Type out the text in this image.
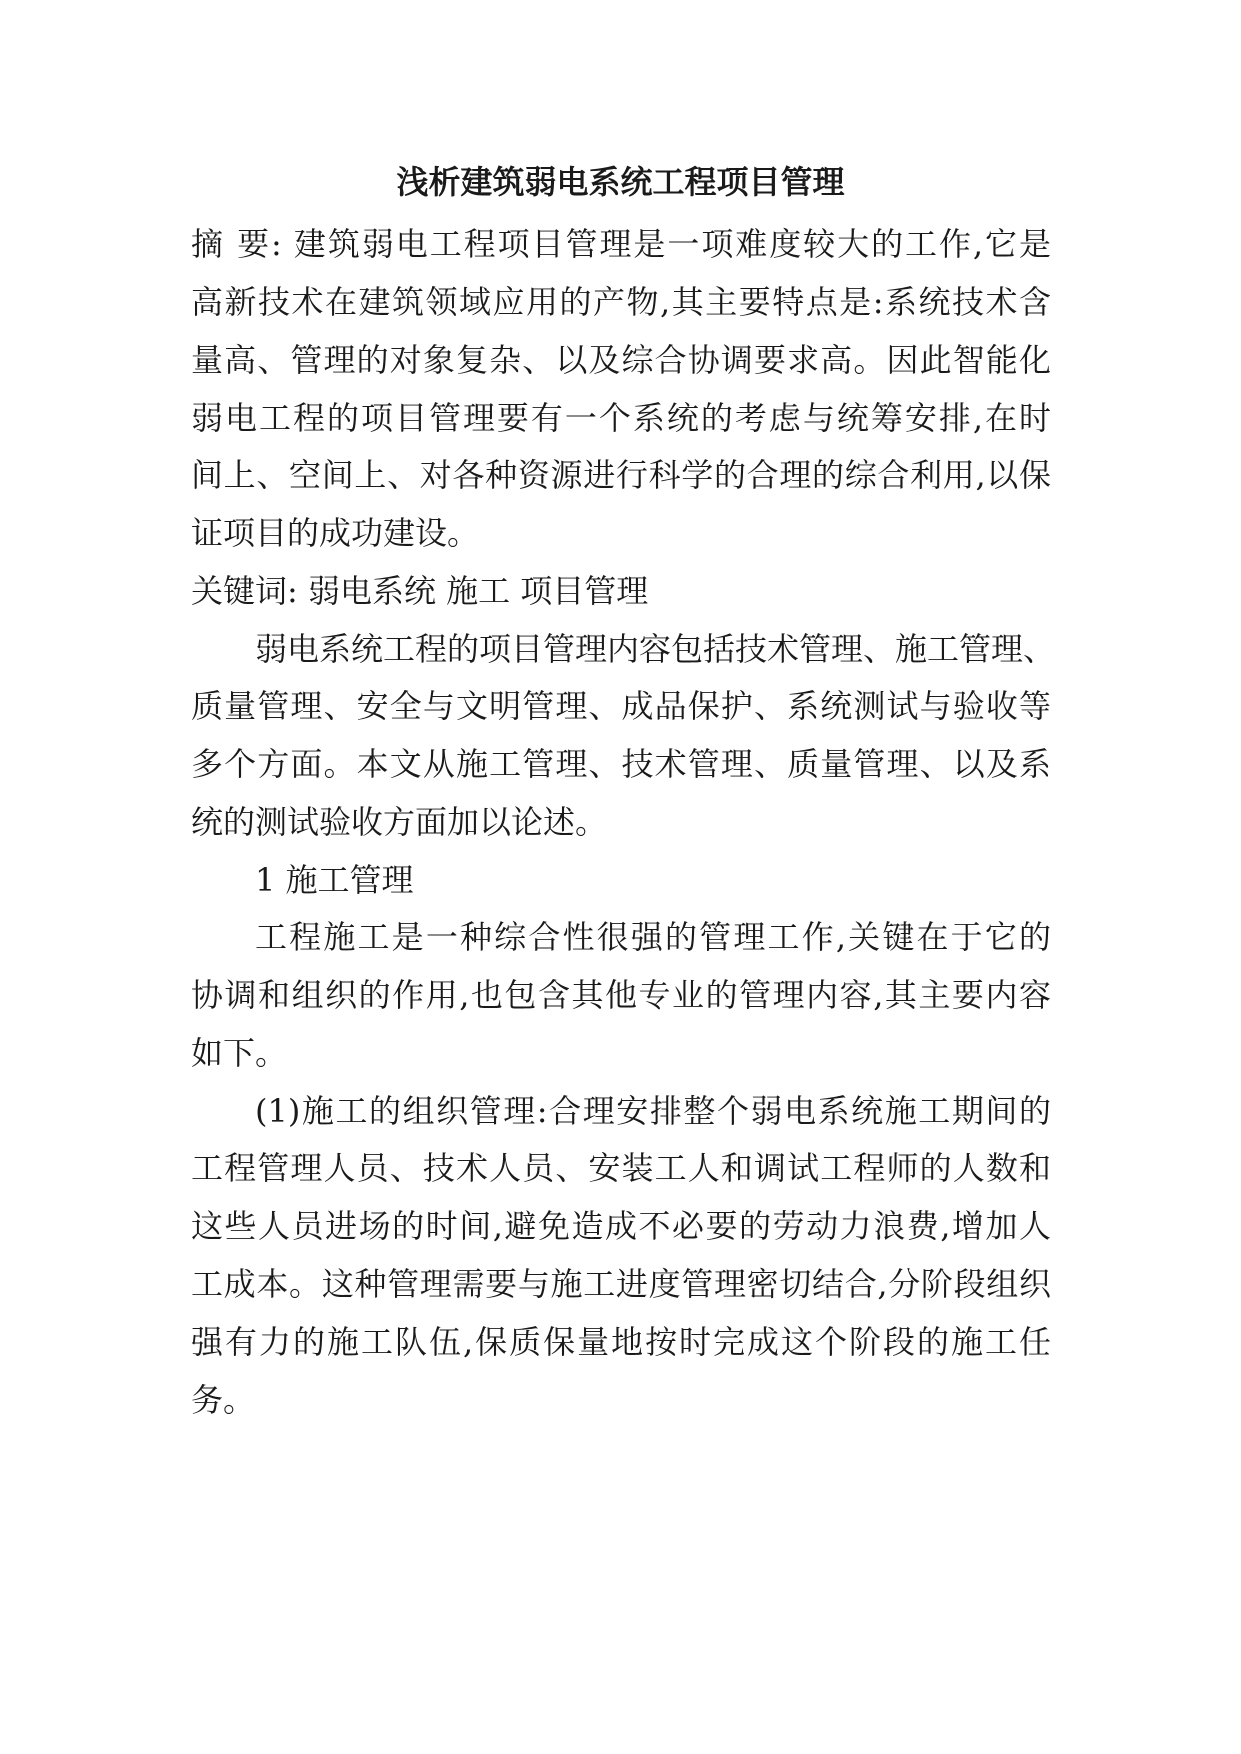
浅析建筑弱电系统工程项目管理

摘 要: 建筑弱电工程项目管理是一项难度较大的工作,它是

高新技术在建筑领域应用的产物,其主要特点是:系统技术含

量高、管理的对象复杂、以及综合协调要求高。因此智能化

弱电工程的项目管理要有一个系统的考虑与统筹安排,在时

间上、空间上、对各种资源进行科学的合理的综合利用,以保

证项目的成功建设。

关键词: 弱电系统 施工 项目管理

弱电系统工程的项目管理内容包括技术管理、施工管理、

质量管理、安全与文明管理、成品保护、系统测试与验收等

多个方面。本文从施工管理、技术管理、质量管理、以及系

统的测试验收方面加以论述。

1 施工管理

工程施工是一种综合性很强的管理工作,关键在于它的

协调和组织的作用,也包含其他专业的管理内容,其主要内容

如下。

(1)施工的组织管理:合理安排整个弱电系统施工期间的

工程管理人员、技术人员、安装工人和调试工程师的人数和

这些人员进场的时间,避免造成不必要的劳动力浪费,增加人

工成本。这种管理需要与施工进度管理密切结合,分阶段组织

强有力的施工队伍,保质保量地按时完成这个阶段的施工任

务。
